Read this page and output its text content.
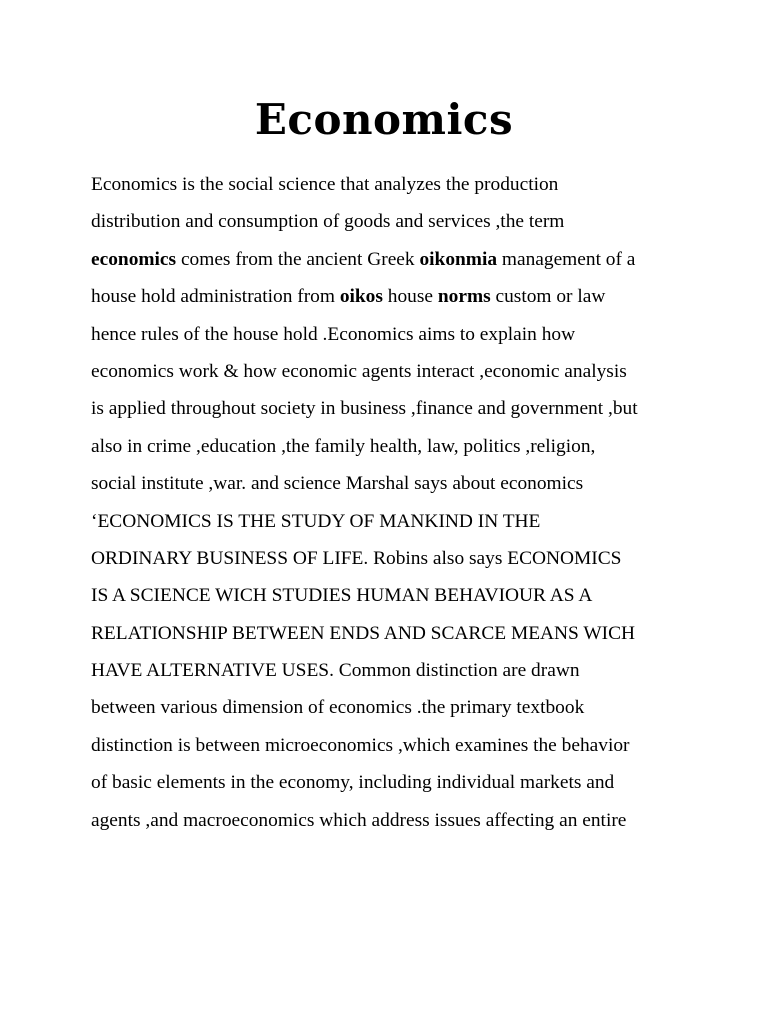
Economics
Economics is the social science that analyzes the production
distribution and consumption of goods and services ,the term
economics comes from the ancient Greek oikonmia management of a
house hold administration from oikos house norms custom or law
hence rules of the house hold .Economics aims to explain how
economics work & how economic agents interact ,economic analysis
is applied throughout society in business ,finance and government ,but
also in crime ,education ,the family health, law, politics ,religion,
social institute ,war. and science Marshal says about economics
‘ECONOMICS IS THE STUDY OF MANKIND IN THE
ORDINARY BUSINESS OF LIFE. Robins also says ECONOMICS
IS A SCIENCE WICH STUDIES HUMAN BEHAVIOUR AS A
RELATIONSHIP BETWEEN ENDS AND SCARCE MEANS WICH
HAVE ALTERNATIVE USES. Common distinction are drawn
between various dimension of economics .the primary textbook
distinction is between microeconomics ,which examines the behavior
of basic elements in the economy, including individual markets and
agents ,and macroeconomics which address issues affecting an entire
